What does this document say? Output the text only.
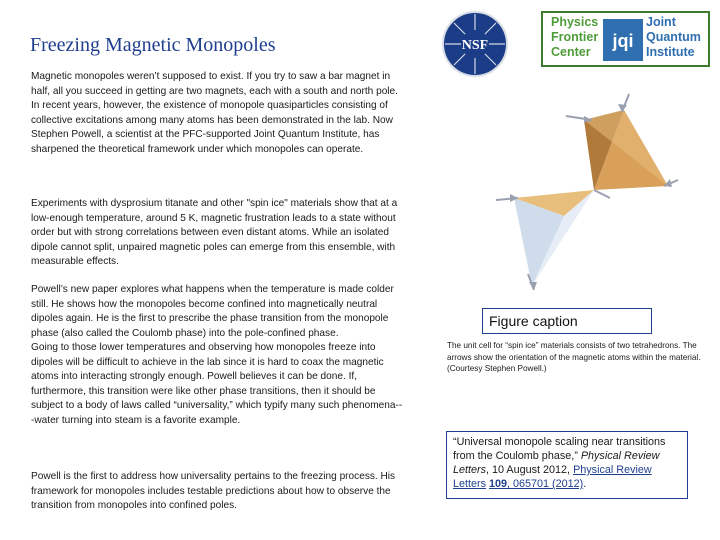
Freezing Magnetic Monopoles	NSF
Physics
Frontier
Center
jqi
Joint
Quantum
Institute

Magnetic monopoles weren’t supposed to exist. If you try to saw a bar magnet in half, all you succeed in getting are two magnets, each with a south and north pole. In recent years, however, the existence of monopole quasiparticles consisting of collective excitations among many atoms has been demonstrated in the lab. Now Stephen Powell, a scientist at the PFC-supported Joint Quantum Institute, has sharpened the theoretical framework under which monopoles can operate.

Experiments with dysprosium titanate and other "spin ice" materials show that at a low-enough temperature, around 5 K, magnetic frustration leads to a state without order but with strong correlations between even distant atoms. While an isolated dipole cannot split, unpaired magnetic poles can emerge from this ensemble, with measurable effects.

Powell’s new paper explores what happens when the temperature is made colder still. He shows how the monopoles become confined into magnetically neutral dipoles again. He is the first to prescribe the phase transition from the monopole phase (also called the Coulomb phase) into the pole-confined phase.

Going to those lower temperatures and observing how monopoles freeze into dipoles will be difficult to achieve in the lab since it is hard to coax the magnetic atoms into interacting strongly enough. Powell believes it can be done. If, furthermore, this transition were like other phase transitions, then it should be subject to a body of laws called “universality,” which typify many such phenomena---water turning into steam is a favorite example.

Powell is the first to address how universality pertains to the freezing process. His framework for monopoles includes testable predictions about how to observe the transition from monopoles into confined poles.

Figure caption

The unit cell for “spin ice” materials consists of two tetrahedrons. The arrows show the orientation of the magnetic atoms within the material. (Courtesy Stephen Powell.)

“Universal monopole scaling near transitions from the Coulomb phase,” Physical Review Letters, 10 August 2012, Physical Review Letters 109, 065701 (2012).
